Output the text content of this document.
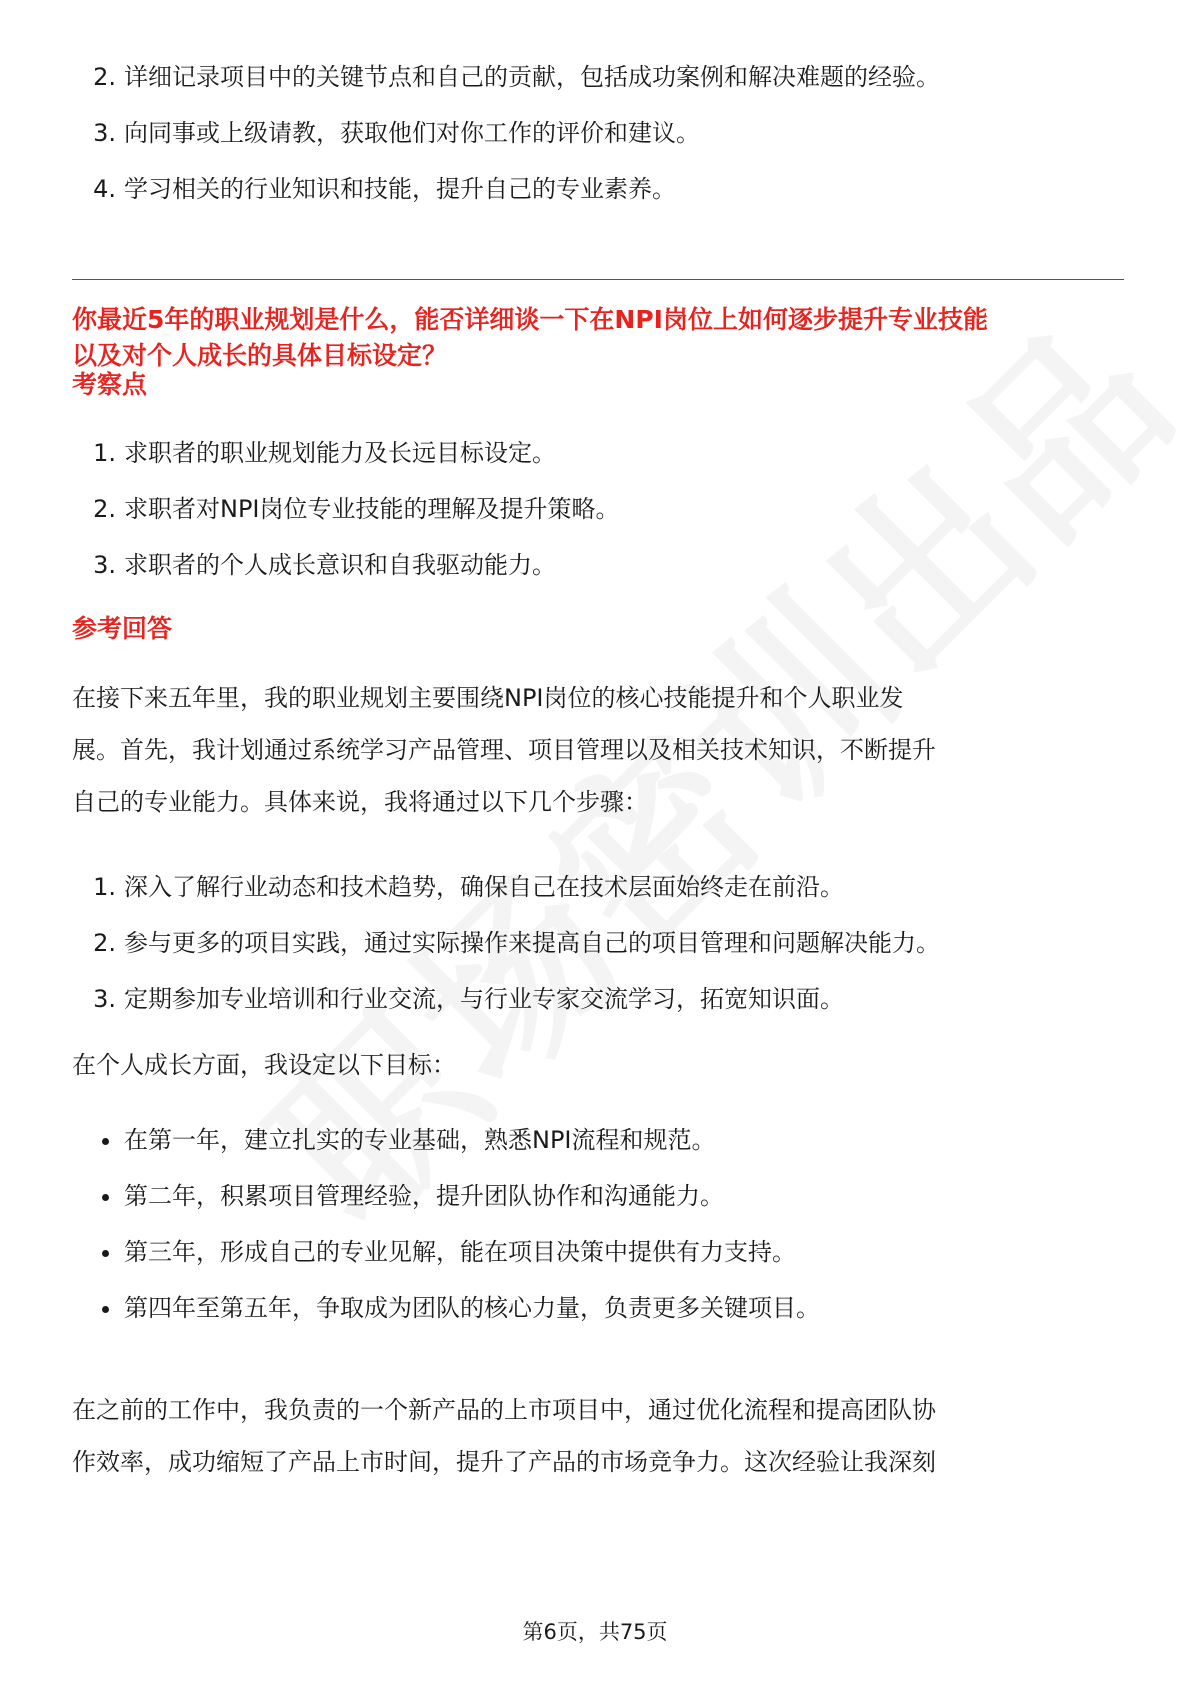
2. 详细记录项目中的关键节点和自己的贡献，包括成功案例和解决难题的经验。
3. 向同事或上级请教，获取他们对你工作的评价和建议。
4. 学习相关的行业知识和技能，提升自己的专业素养。
你最近5年的职业规划是什么，能否详细谈一下在NPI岗位上如何逐步提升专业技能
以及对个人成长的具体目标设定？
考察点
1. 求职者的职业规划能力及长远目标设定。
2. 求职者对NPI岗位专业技能的理解及提升策略。
3. 求职者的个人成长意识和自我驱动能力。
参考回答
在接下来五年里，我的职业规划主要围绕NPI岗位的核心技能提升和个人职业发
展。首先，我计划通过系统学习产品管理、项目管理以及相关技术知识，不断提升
自己的专业能力。具体来说，我将通过以下几个步骤：
1. 深入了解行业动态和技术趋势，确保自己在技术层面始终走在前沿。
2. 参与更多的项目实践，通过实际操作来提高自己的项目管理和问题解决能力。
3. 定期参加专业培训和行业交流，与行业专家交流学习，拓宽知识面。
在个人成长方面，我设定以下目标：
在第一年，建立扎实的专业基础，熟悉NPI流程和规范。
第二年，积累项目管理经验，提升团队协作和沟通能力。
第三年，形成自己的专业见解，能在项目决策中提供有力支持。
第四年至第五年，争取成为团队的核心力量，负责更多关键项目。
在之前的工作中，我负责的一个新产品的上市项目中，通过优化流程和提高团队协
作效率，成功缩短了产品上市时间，提升了产品的市场竞争力。这次经验让我深刻
第6页，共75页
